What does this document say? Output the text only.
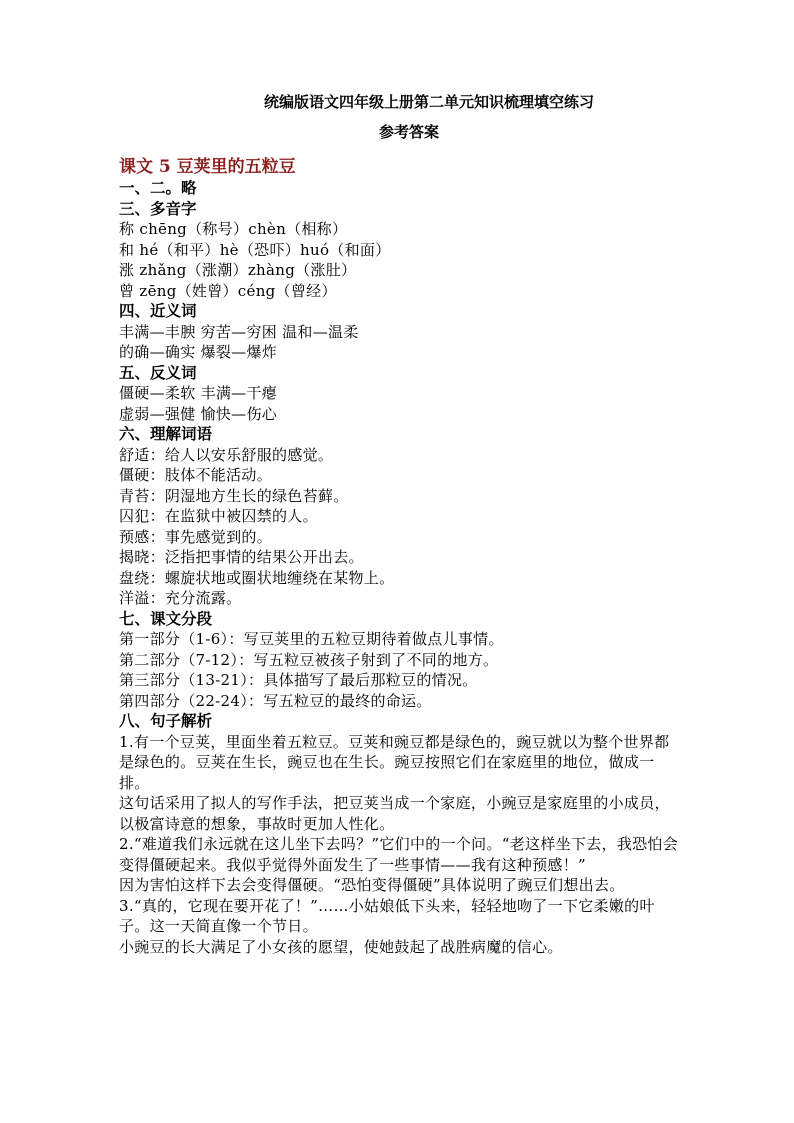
统编版语文四年级上册第二单元知识梳理填空练习
参考答案
课文 5 豆荚里的五粒豆
一、二。略
三、多音字
称 chēng（称号）chèn（相称）
和 hé（和平）hè（恐吓）huó（和面）
涨 zhǎng（涨潮）zhàng（涨肚）
曾 zēng（姓曾）céng（曾经）
四、近义词
丰满—丰腴 穷苦—穷困 温和—温柔
的确—确实 爆裂—爆炸
五、反义词
僵硬—柔软 丰满—干瘪
虚弱—强健 愉快—伤心
六、理解词语
舒适：给人以安乐舒服的感觉。
僵硬：肢体不能活动。
青苔：阴湿地方生长的绿色苔藓。
囚犯：在监狱中被囚禁的人。
预感：事先感觉到的。
揭晓：泛指把事情的结果公开出去。
盘绕：螺旋状地或圈状地缠绕在某物上。
洋溢：充分流露。
七、课文分段
第一部分（1-6）：写豆荚里的五粒豆期待着做点儿事情。
第二部分（7-12）：写五粒豆被孩子射到了不同的地方。
第三部分（13-21）：具体描写了最后那粒豆的情况。
第四部分（22-24）：写五粒豆的最终的命运。
八、句子解析
1.有一个豆荚，里面坐着五粒豆。豆荚和豌豆都是绿色的，豌豆就以为整个世界都是绿色的。豆荚在生长，豌豆也在生长。豌豆按照它们在家庭里的地位，做成一排。
这句话采用了拟人的写作手法，把豆荚当成一个家庭，小豌豆是家庭里的小成员，以极富诗意的想象，事故时更加人性化。
2.“难道我们永远就在这儿坐下去吗？”它们中的一个问。“老这样坐下去，我恐怕会变得僵硬起来。我似乎觉得外面发生了一些事情——我有这种预感！”
因为害怕这样下去会变得僵硬。“恐怕变得僵硬”具体说明了豌豆们想出去。
3.“真的，它现在要开花了！”……小姑娘低下头来，轻轻地吻了一下它柔嫩的叶子。这一天简直像一个节日。
小豌豆的长大满足了小女孩的愿望，使她鼓起了战胜病魔的信心。
